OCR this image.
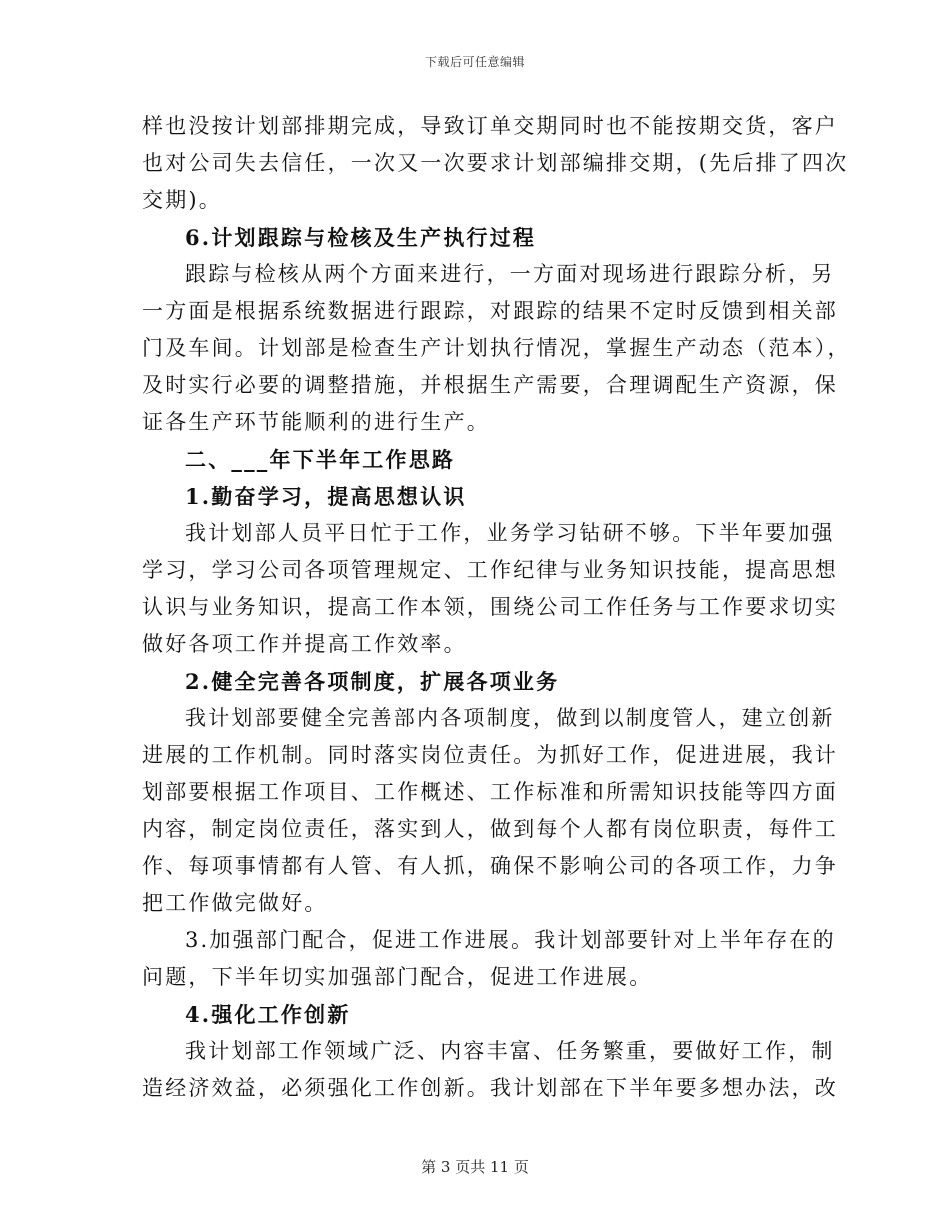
下载后可任意编辑
样也没按计划部排期完成，导致订单交期同时也不能按期交货，客户
也对公司失去信任，一次又一次要求计划部编排交期，(先后排了四次
交期)。
6.计划跟踪与检核及生产执行过程
跟踪与检核从两个方面来进行，一方面对现场进行跟踪分析，另
一方面是根据系统数据进行跟踪，对跟踪的结果不定时反馈到相关部
门及车间。计划部是检查生产计划执行情况，掌握生产动态（范本），
及时实行必要的调整措施，并根据生产需要，合理调配生产资源，保
证各生产环节能顺利的进行生产。
二、___年下半年工作思路
1.勤奋学习，提高思想认识
我计划部人员平日忙于工作，业务学习钻研不够。下半年要加强
学习，学习公司各项管理规定、工作纪律与业务知识技能，提高思想
认识与业务知识，提高工作本领，围绕公司工作任务与工作要求切实
做好各项工作并提高工作效率。
2.健全完善各项制度，扩展各项业务
我计划部要健全完善部内各项制度，做到以制度管人，建立创新
进展的工作机制。同时落实岗位责任。为抓好工作，促进进展，我计
划部要根据工作项目、工作概述、工作标准和所需知识技能等四方面
内容，制定岗位责任，落实到人，做到每个人都有岗位职责，每件工
作、每项事情都有人管、有人抓，确保不影响公司的各项工作，力争
把工作做完做好。
3.加强部门配合，促进工作进展。我计划部要针对上半年存在的
问题，下半年切实加强部门配合，促进工作进展。
4.强化工作创新
我计划部工作领域广泛、内容丰富、任务繁重，要做好工作，制
造经济效益，必须强化工作创新。我计划部在下半年要多想办法，改
第 3 页共 11 页
